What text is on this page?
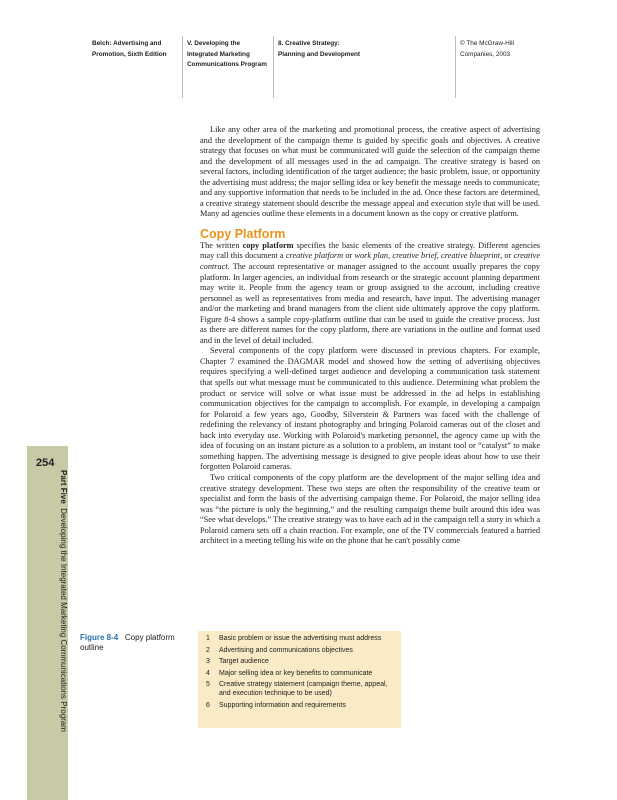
Belch: Advertising and
Promotion, Sixth Edition
V. Developing the
Integrated Marketing
Communications Program
8. Creative Strategy:
Planning and Development
© The McGraw-Hill
Companies, 2003
254
Part Five  Developing the Integrated Marketing Communications Program

Like any other area of the marketing and promotional process, the creative aspect of advertising and the development of the campaign theme is guided by specific goals and objectives. A creative strategy that focuses on what must be communicated will guide the selection of the campaign theme and the development of all messages used in the ad campaign. The creative strategy is based on several factors, including identification of the target audience; the basic problem, issue, or opportunity the advertising must address; the major selling idea or key benefit the message needs to communicate; and any supportive information that needs to be included in the ad. Once these factors are determined, a creative strategy statement should describe the message appeal and execution style that will be used. Many ad agencies outline these elements in a document known as the copy or creative platform.

Copy Platform

The written copy platform specifies the basic elements of the creative strategy. Different agencies may call this document a creative platform or work plan, creative brief, creative blueprint, or creative contract. The account representative or manager assigned to the account usually prepares the copy platform. In larger agencies, an individual from research or the strategic account planning department may write it. People from the agency team or group assigned to the account, including creative personnel as well as representatives from media and research, have input. The advertising manager and/or the marketing and brand managers from the client side ultimately approve the copy platform. Figure 8-4 shows a sample copy-platform outline that can be used to guide the creative process. Just as there are different names for the copy platform, there are variations in the outline and format used and in the level of detail included.

Several components of the copy platform were discussed in previous chapters. For example, Chapter 7 examined the DAGMAR model and showed how the setting of advertising objectives requires specifying a well-defined target audience and developing a communication task statement that spells out what message must be communicated to this audience. Determining what problem the product or service will solve or what issue must be addressed in the ad helps in establishing communication objectives for the campaign to accomplish. For example, in developing a campaign for Polaroid a few years ago, Goodby, Silverstein & Partners was faced with the challenge of redefining the relevancy of instant photography and bringing Polaroid cameras out of the closet and back into everyday use. Working with Polaroid's marketing personnel, the agency came up with the idea of focusing on an instant picture as a solution to a problem, an instant tool or “catalyst” to make something happen. The advertising message is designed to give people ideas about how to use their forgotten Polaroid cameras.

Two critical components of the copy platform are the development of the major selling idea and creative strategy development. These two steps are often the responsibility of the creative team or specialist and form the basis of the advertising campaign theme. For Polaroid, the major selling idea was “the picture is only the beginning,” and the resulting campaign theme built around this idea was “See what develops.” The creative strategy was to have each ad in the campaign tell a story in which a Polaroid camera sets off a chain reaction. For example, one of the TV commercials featured a harried architect in a meeting telling his wife on the phone that he can't possibly come

Figure 8-4 Copy platform outline
1 Basic problem or issue the advertising must address
2 Advertising and communications objectives
3 Target audience
4 Major selling idea or key benefits to communicate
5 Creative strategy statement (campaign theme, appeal, and execution technique to be used)
6 Supporting information and requirements
